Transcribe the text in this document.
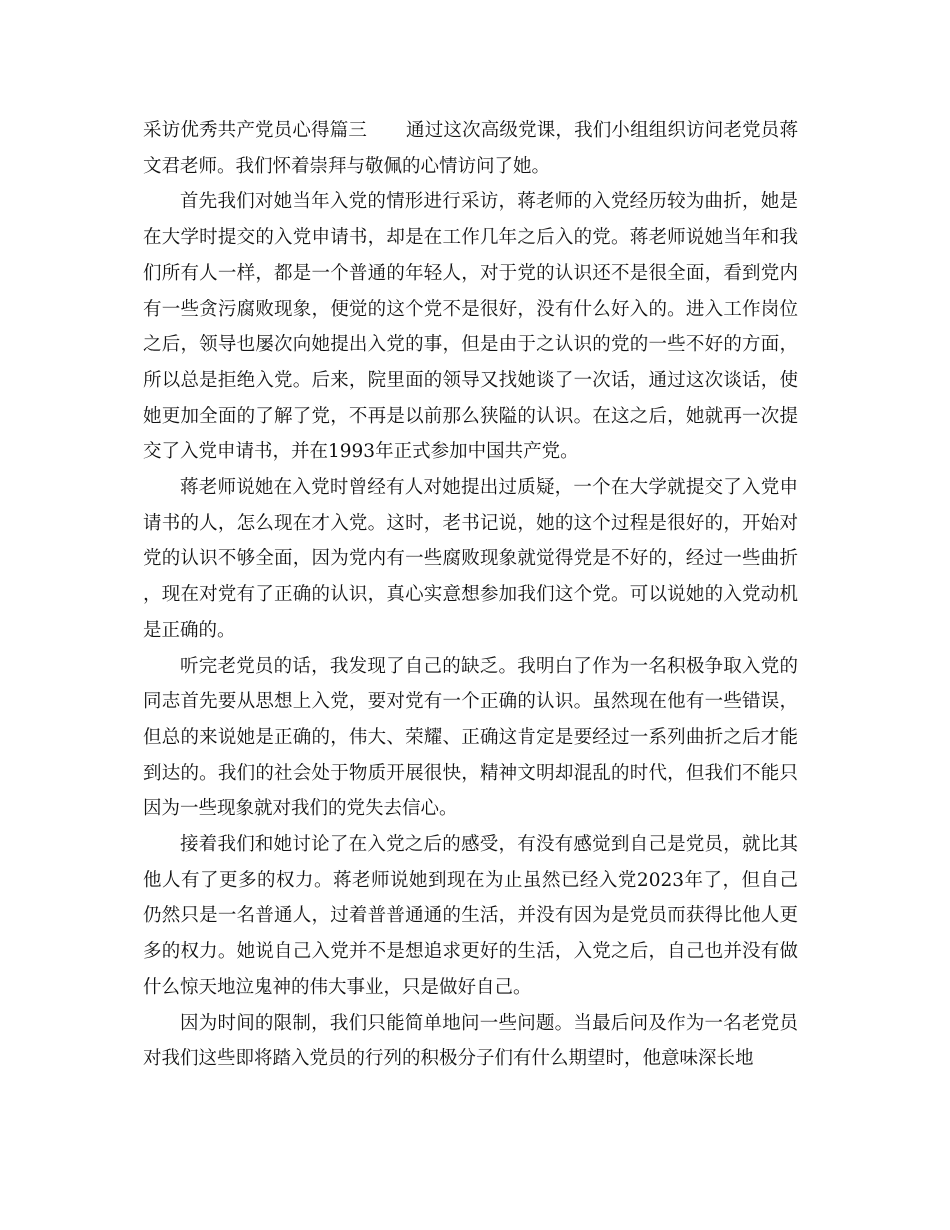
采访优秀共产党员心得篇三 通过这次高级党课，我们小组组织访问老党员蒋文君老师。我们怀着崇拜与敬佩的心情访问了她。

首先我们对她当年入党的情形进行采访，蒋老师的入党经历较为曲折，她是在大学时提交的入党申请书，却是在工作几年之后入的党。蒋老师说她当年和我们所有人一样，都是一个普通的年轻人，对于党的认识还不是很全面，看到党内有一些贪污腐败现象，便觉的这个党不是很好，没有什么好入的。进入工作岗位之后，领导也屡次向她提出入党的事，但是由于之认识的党的一些不好的方面，所以总是拒绝入党。后来，院里面的领导又找她谈了一次话，通过这次谈话，使她更加全面的了解了党，不再是以前那么狭隘的认识。在这之后，她就再一次提交了入党申请书，并在1993年正式参加中国共产党。

蒋老师说她在入党时曾经有人对她提出过质疑，一个在大学就提交了入党申请书的人，怎么现在才入党。这时，老书记说，她的这个过程是很好的，开始对党的认识不够全面，因为党内有一些腐败现象就觉得党是不好的，经过一些曲折，现在对党有了正确的认识，真心实意想参加我们这个党。可以说她的入党动机是正确的。

听完老党员的话，我发现了自己的缺乏。我明白了作为一名积极争取入党的同志首先要从思想上入党，要对党有一个正确的认识。虽然现在他有一些错误，但总的来说她是正确的，伟大、荣耀、正确这肯定是要经过一系列曲折之后才能到达的。我们的社会处于物质开展很快，精神文明却混乱的时代，但我们不能只因为一些现象就对我们的党失去信心。

接着我们和她讨论了在入党之后的感受，有没有感觉到自己是党员，就比其他人有了更多的权力。蒋老师说她到现在为止虽然已经入党2023年了，但自己仍然只是一名普通人，过着普普通通的生活，并没有因为是党员而获得比他人更多的权力。她说自己入党并不是想追求更好的生活，入党之后，自己也并没有做什么惊天地泣鬼神的伟大事业，只是做好自己。

因为时间的限制，我们只能简单地问一些问题。当最后问及作为一名老党员对我们这些即将踏入党员的行列的积极分子们有什么期望时，他意味深长地
